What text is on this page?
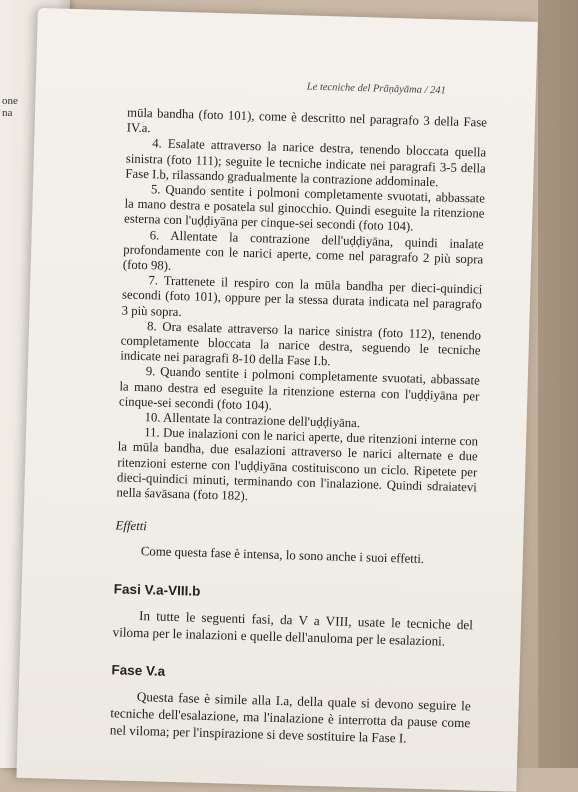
one
na
Le tecniche del Prāṇāyāma / 241

mūla bandha (foto 101), come è descritto nel paragrafo 3 della Fase IV.a.

4. Esalate attraverso la narice destra, tenendo bloccata quella sinistra (foto 111); seguite le tecniche indicate nei paragrafi 3-5 della Fase I.b, rilassando gradualmente la contrazione addominale.

5. Quando sentite i polmoni completamente svuotati, abbassate la mano destra e posatela sul ginocchio. Quindi eseguite la ritenzione esterna con l'uḍḍiyāna per cinque-sei secondi (foto 104).

6. Allentate la contrazione dell'uḍḍiyāna, quindi inalate profondamente con le narici aperte, come nel paragrafo 2 più sopra (foto 98).

7. Trattenete il respiro con la mūla bandha per dieci-quindici secondi (foto 101), oppure per la stessa durata indicata nel paragrafo 3 più sopra.

8. Ora esalate attraverso la narice sinistra (foto 112), tenendo completamente bloccata la narice destra, seguendo le tecniche indicate nei paragrafi 8-10 della Fase I.b.

9. Quando sentite i polmoni completamente svuotati, abbassate la mano destra ed eseguite la ritenzione esterna con l'uḍḍiyāna per cinque-sei secondi (foto 104).

10. Allentate la contrazione dell'uḍḍiyāna.

11. Due inalazioni con le narici aperte, due ritenzioni interne con la mūla bandha, due esalazioni attraverso le narici alternate e due ritenzioni esterne con l'uḍḍiyāna costituiscono un ciclo. Ripetete per dieci-quindici minuti, terminando con l'inalazione. Quindi sdraiatevi nella śavāsana (foto 182).

Effetti

Come questa fase è intensa, lo sono anche i suoi effetti.

Fasi V.a-VIII.b

In tutte le seguenti fasi, da V a VIII, usate le tecniche del viloma per le inalazioni e quelle dell'anuloma per le esalazioni.

Fase V.a

Questa fase è simile alla I.a, della quale si devono seguire le tecniche dell'esalazione, ma l'inalazione è interrotta da pause come nel viloma; per l'inspirazione si deve sostituire la Fase I.
